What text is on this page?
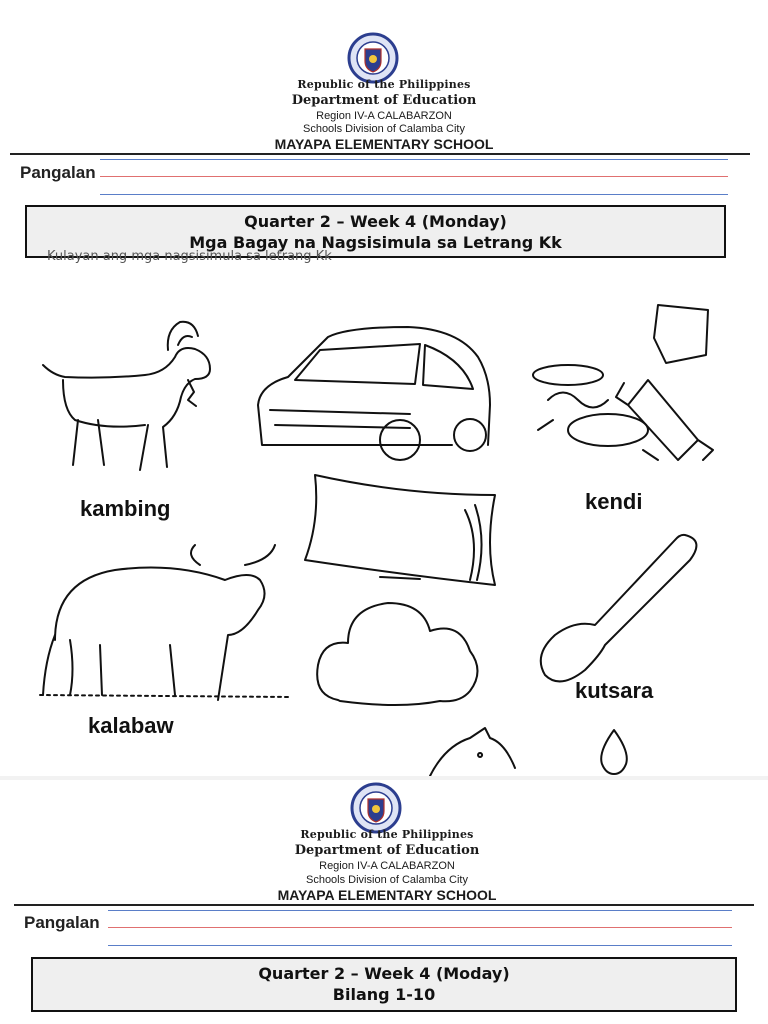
Republic of the Philippines
Department of Education
Region IV-A CALABARZON
Schools Division of Calamba City
MAYAPA ELEMENTARY SCHOOL
Pangalan
Quarter 2 – Week 4 (Monday)
Mga Bagay na Nagsisimula sa Letrang Kk
Kulayan ang mga nagsisimula sa letrang Kk
kambing	kendi
kalabaw
kutsara
Republic of the Philippines
Department of Education
Region IV-A CALABARZON
Schools Division of Calamba City
MAYAPA ELEMENTARY SCHOOL
Pangalan
Quarter 2 – Week 4 (Moday)
Bilang 1-10
